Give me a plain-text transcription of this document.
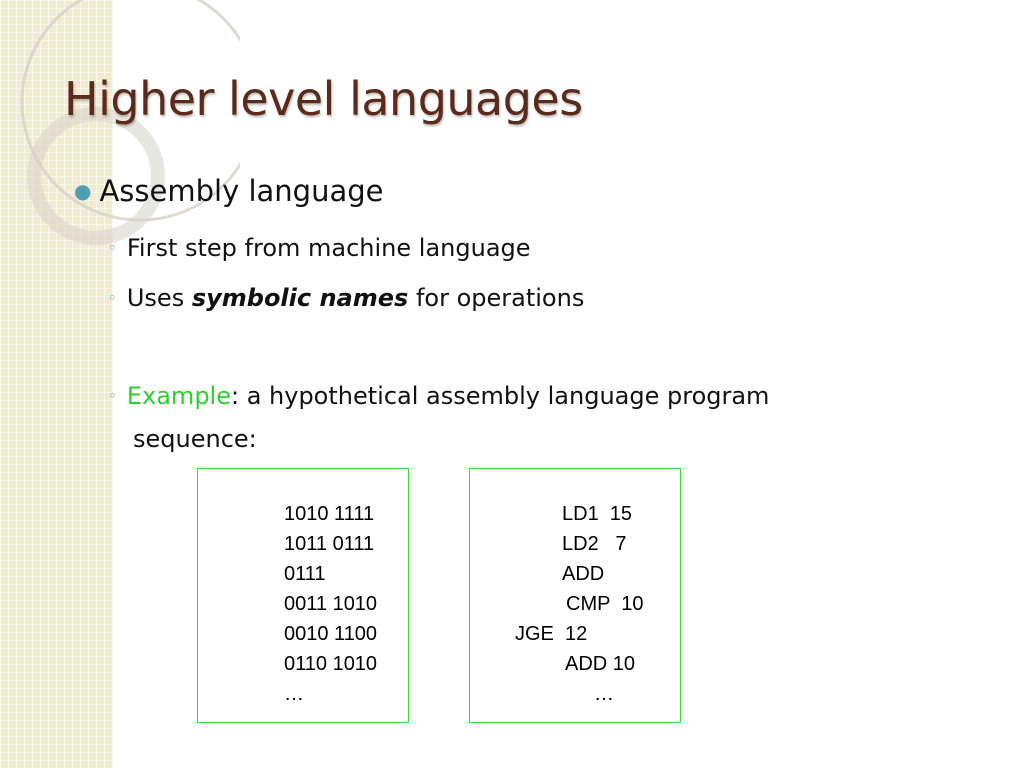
Higher level languages
● Assembly language
◦ First step from machine language
◦ Uses symbolic names for operations
◦ Example: a hypothetical assembly language program
sequence:
1010 1111
1011 0111
0111
0011 1010
0010 1100
0110 1010
…
LD1  15
LD2   7
ADD
CMP  10
JGE  12
ADD 10
…
